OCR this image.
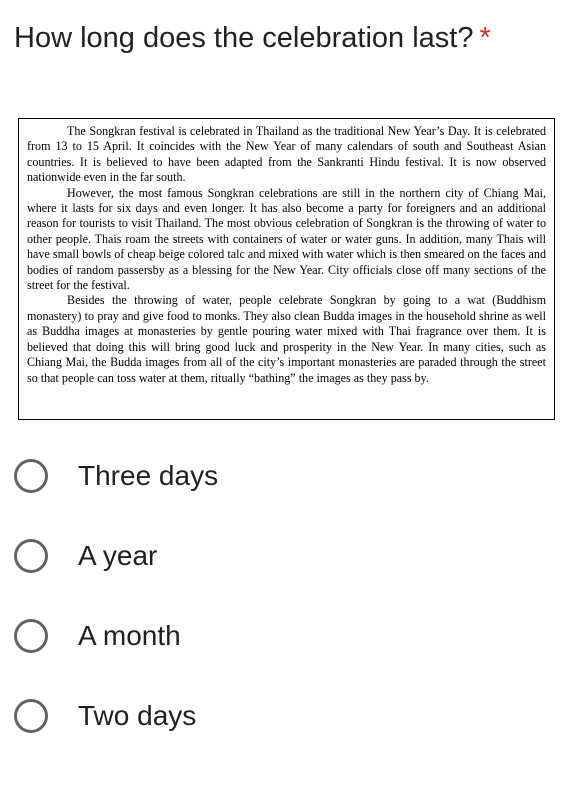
How long does the celebration last? *

The Songkran festival is celebrated in Thailand as the traditional New Year’s Day. It is celebrated from 13 to 15 April. It coincides with the New Year of many calendars of south and Southeast Asian countries. It is believed to have been adapted from the Sankranti Hindu festival. It is now observed nationwide even in the far south.

However, the most famous Songkran celebrations are still in the northern city of Chiang Mai, where it lasts for six days and even longer. It has also become a party for foreigners and an additional reason for tourists to visit Thailand. The most obvious celebration of Songkran is the throwing of water to other people. Thais roam the streets with containers of water or water guns. In addition, many Thais will have small bowls of cheap beige colored talc and mixed with water which is then smeared on the faces and bodies of random passersby as a blessing for the New Year. City officials close off many sections of the street for the festival.

Besides the throwing of water, people celebrate Songkran by going to a wat (Buddhism monastery) to pray and give food to monks. They also clean Budda images in the household shrine as well as Buddha images at monasteries by gentle pouring water mixed with Thai fragrance over them. It is believed that doing this will bring good luck and prosperity in the New Year. In many cities, such as Chiang Mai, the Budda images from all of the city’s important monasteries are paraded through the street so that people can toss water at them, ritually “bathing” the images as they pass by.

Three days
A year
A month
Two days
